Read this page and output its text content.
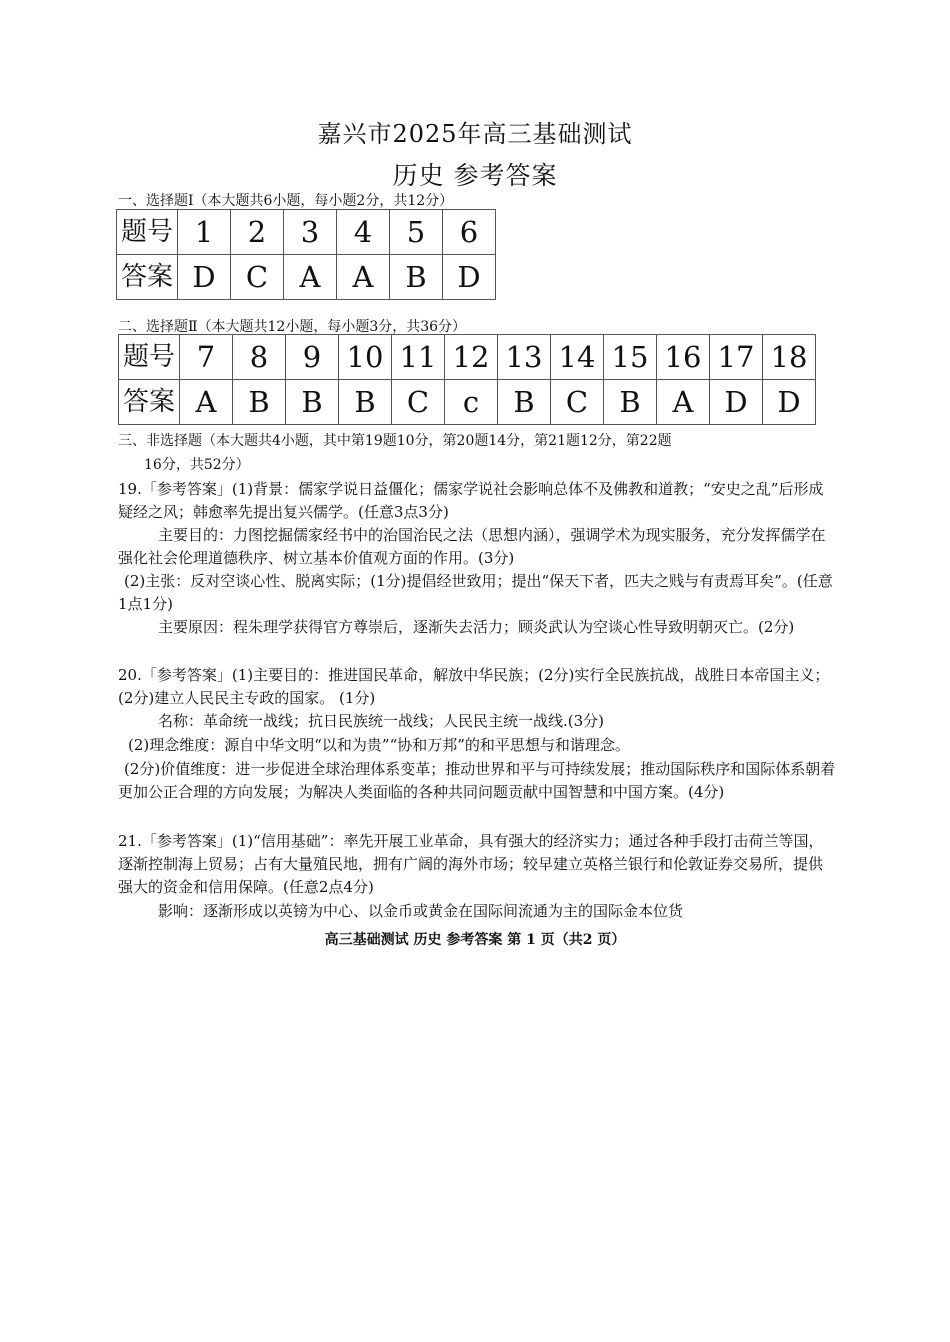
嘉兴市2025年高三基础测试
历史 参考答案
一、选择题Ⅰ（本大题共6小题，每小题2分，共12分）
题号	1	2	3	4	5	6
答案	D	C	A	A	B	D
二、选择题Ⅱ（本大题共12小题，每小题3分，共36分）
题号	7	8	9	10	11	12	13	14	15	16	17	18
答案	A	B	B	B	C	c	B	C	B	A	D	D
三、非选择题（本大题共4小题，其中第19题10分，第20题14分，第21题12分，第22题
16分，共52分）
19.「参考答案」(1)背景：儒家学说日益僵化；儒家学说社会影响总体不及佛教和道教；“安史之乱”后形成疑经之风；韩愈率先提出复兴儒学。(任意3点3分)
主要目的：力图挖掘儒家经书中的治国治民之法（思想内涵），强调学术为现实服务，充分发挥儒学在强化社会伦理道德秩序、树立基本价值观方面的作用。(3分)
(2)主张：反对空谈心性、脱离实际；(1分)提倡经世致用；提出“保天下者，匹夫之贱与有责焉耳矣”。(任意1点1分)
主要原因：程朱理学获得官方尊崇后，逐渐失去活力；顾炎武认为空谈心性导致明朝灭亡。(2分)
20.「参考答案」(1)主要目的：推进国民革命，解放中华民族；(2分)实行全民族抗战，战胜日本帝国主义；(2分)建立人民民主专政的国家。 (1分)
名称：革命统一战线；抗日民族统一战线；人民民主统一战线.(3分)
(2)理念维度：源自中华文明“以和为贵”“协和万邦”的和平思想与和谐理念。
(2分)价值维度：进一步促进全球治理体系变革；推动世界和平与可持续发展；推动国际秩序和国际体系朝着更加公正合理的方向发展；为解决人类面临的各种共同问题贡献中国智慧和中国方案。(4分)
21.「参考答案」(1)“信用基础”：率先开展工业革命，具有强大的经济实力；通过各种手段打击荷兰等国，逐渐控制海上贸易；占有大量殖民地，拥有广阔的海外市场；较早建立英格兰银行和伦敦证券交易所，提供强大的资金和信用保障。(任意2点4分)
影响：逐渐形成以英镑为中心、以金币或黄金在国际间流通为主的国际金本位货
高三基础测试 历史 参考答案 第 1 页（共2 页）
